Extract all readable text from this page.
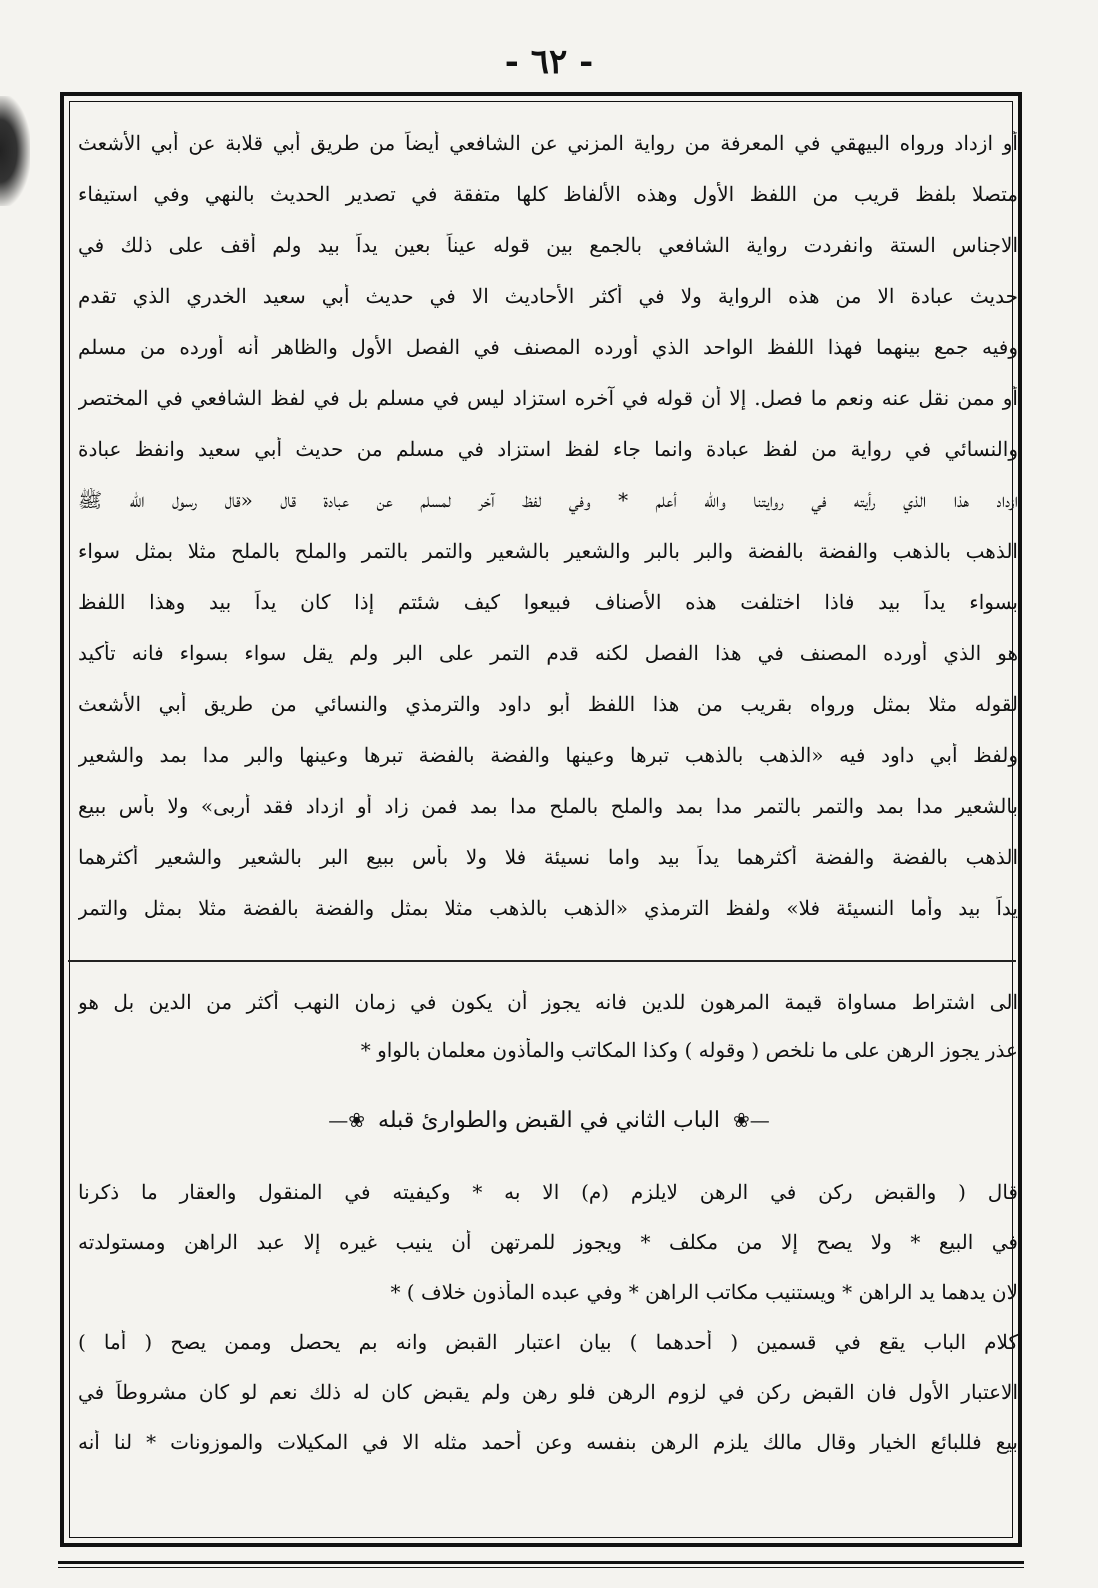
- ٦٢ -
أو ازداد ورواه البيهقي في المعرفة من رواية المزني عن الشافعي أيضاً من طريق أبي قلابة عن أبي الأشعث
متصلا بلفظ قريب من اللفظ الأول وهذه الألفاظ كلها متفقة في تصدير الحديث بالنهي وفي استيفاء
الاجناس الستة وانفردت رواية الشافعي بالجمع بين قوله عيناً بعين يداً بيد ولم أقف على ذلك في
حديث عبادة الا من هذه الرواية ولا في أكثر الأحاديث الا في حديث أبي سعيد الخدري الذي تقدم
وفيه جمع بينهما فهذا اللفظ الواحد الذي أورده المصنف في الفصل الأول والظاهر أنه أورده من مسلم
أو ممن نقل عنه ونعم ما فصل. إلا أن قوله في آخره استزاد ليس في مسلم بل في لفظ الشافعي في المختصر
والنسائي في رواية من لفظ عبادة وانما جاء لفظ استزاد في مسلم من حديث أبي سعيد وانفظ عبادة
ازداد هذا الذي رأيته في روايتنا والله أعلم * وفي لفظ آخر لمسلم عن عبادة قال «قال رسول الله ﷺ
الذهب بالذهب والفضة بالفضة والبر بالبر والشعير بالشعير والتمر بالتمر والملح بالملح مثلا بمثل سواء
بسواء يداً بيد فاذا اختلفت هذه الأصناف فبيعوا كيف شئتم إذا كان يداً بيد وهذا اللفظ
هو الذي أورده المصنف في هذا الفصل لكنه قدم التمر على البر ولم يقل سواء بسواء فانه تأكيد
لقوله مثلا بمثل ورواه بقريب من هذا اللفظ أبو داود والترمذي والنسائي من طريق أبي الأشعث
ولفظ أبي داود فيه «الذهب بالذهب تبرها وعينها والفضة بالفضة تبرها وعينها والبر مدا بمد والشعير
بالشعير مدا بمد والتمر بالتمر مدا بمد والملح بالملح مدا بمد فمن زاد أو ازداد فقد أربى» ولا بأس ببيع
الذهب بالفضة والفضة أكثرهما يداً بيد واما نسيئة فلا ولا بأس ببيع البر بالشعير والشعير أكثرهما
يداً بيد وأما النسيئة فلا» ولفظ الترمذي «الذهب بالذهب مثلا بمثل والفضة بالفضة مثلا بمثل والتمر
الى اشتراط مساواة قيمة المرهون للدين فانه يجوز أن يكون في زمان النهب أكثر من الدين بل هو
عذر يجوز الرهن على ما نلخص ( وقوله ) وكذا المكاتب والمأذون معلمان بالواو *
—❀ الباب الثاني في القبض والطوارئ قبله ❀—
قال ( والقبض ركن في الرهن لايلزم (م) الا به * وكيفيته في المنقول والعقار ما ذكرنا
في البيع * ولا يصح إلا من مكلف * ويجوز للمرتهن أن ينيب غيره إلا عبد الراهن ومستولدته
لان يدهما يد الراهن * ويستنيب مكاتب الراهن * وفي عبده المأذون خلاف ) *
كلام الباب يقع في قسمين ( أحدهما ) بيان اعتبار القبض وانه بم يحصل وممن يصح ( أما )
الاعتبار الأول فان القبض ركن في لزوم الرهن فلو رهن ولم يقبض كان له ذلك نعم لو كان مشروطاً في
بيع فللبائع الخيار وقال مالك يلزم الرهن بنفسه وعن أحمد مثله الا في المكيلات والموزونات * لنا أنه
